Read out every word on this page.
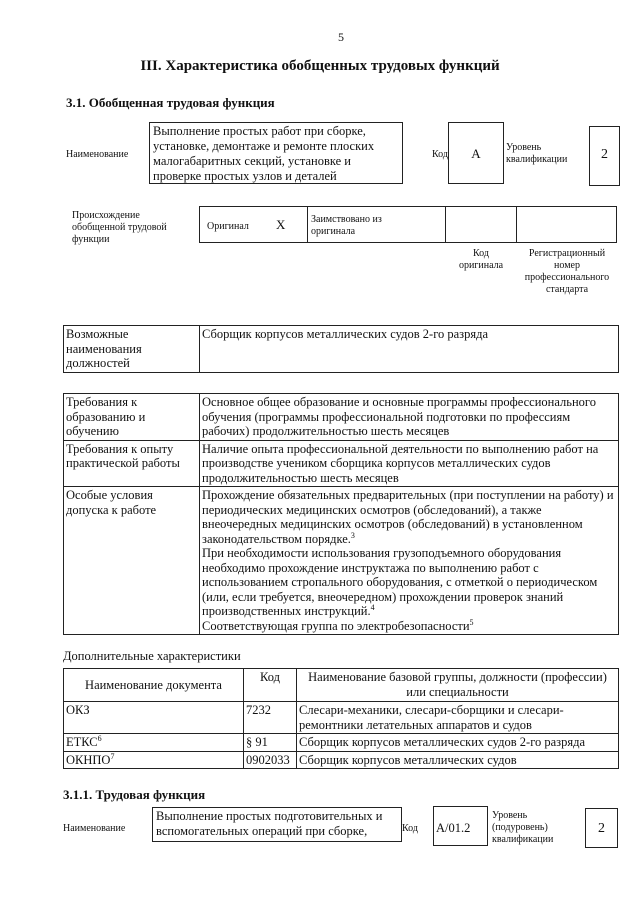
5
III. Характеристика обобщенных трудовых функций
3.1. Обобщенная трудовая функция
Наименование
Выполнение простых работ при сборке, установке, демонтаже и ремонте плоских малогабаритных секций, установке и проверке простых узлов и деталей
Код	А	Уровень квалификации	2
Происхождение обобщенной трудовой функции
Оригинал X	Заимствовано из оригинала
Код оригинала
Регистрационный номер профессионального стандарта
Возможные наименования должностей	Сборщик корпусов металлических судов 2-го разряда
Требования к образованию и обучению	Основное общее образование и основные программы профессионального обучения (программы профессиональной подготовки по профессиям рабочих) продолжительностью шесть месяцев
Требования к опыту практической работы	Наличие опыта профессиональной деятельности по выполнению работ на производстве учеником сборщика корпусов металлических судов продолжительностью шесть месяцев
Особые условия допуска к работе	Прохождение обязательных предварительных (при поступлении на работу) и периодических медицинских осмотров (обследований), а также внеочередных медицинских осмотров (обследований) в установленном законодательством порядке.$^3$
При необходимости использования грузоподъемного оборудования необходимо прохождение инструктажа по выполнению работ с использованием стропального оборудования, с отметкой о периодическом (или, если требуется, внеочередном) прохождении проверок знаний производственных инструкций.$^4$
Соответствующая группа по электробезопасности$^5$
Дополнительные характеристики
Наименование документа	Код	Наименование базовой группы, должности (профессии) или специальности
ОКЗ	7232	Слесари-механики, слесари-сборщики и слесари-ремонтники летательных аппаратов и судов
ЕТКС$^6$	§ 91	Сборщик корпусов металлических судов 2-го разряда
ОКНПО$^7$	0902033	Сборщик корпусов металлических судов
3.1.1. Трудовая функция
Наименование
Выполнение простых подготовительных и вспомогательных операций при сборке,	Код А/01.2
Уровень (подуровень) квалификации
2
